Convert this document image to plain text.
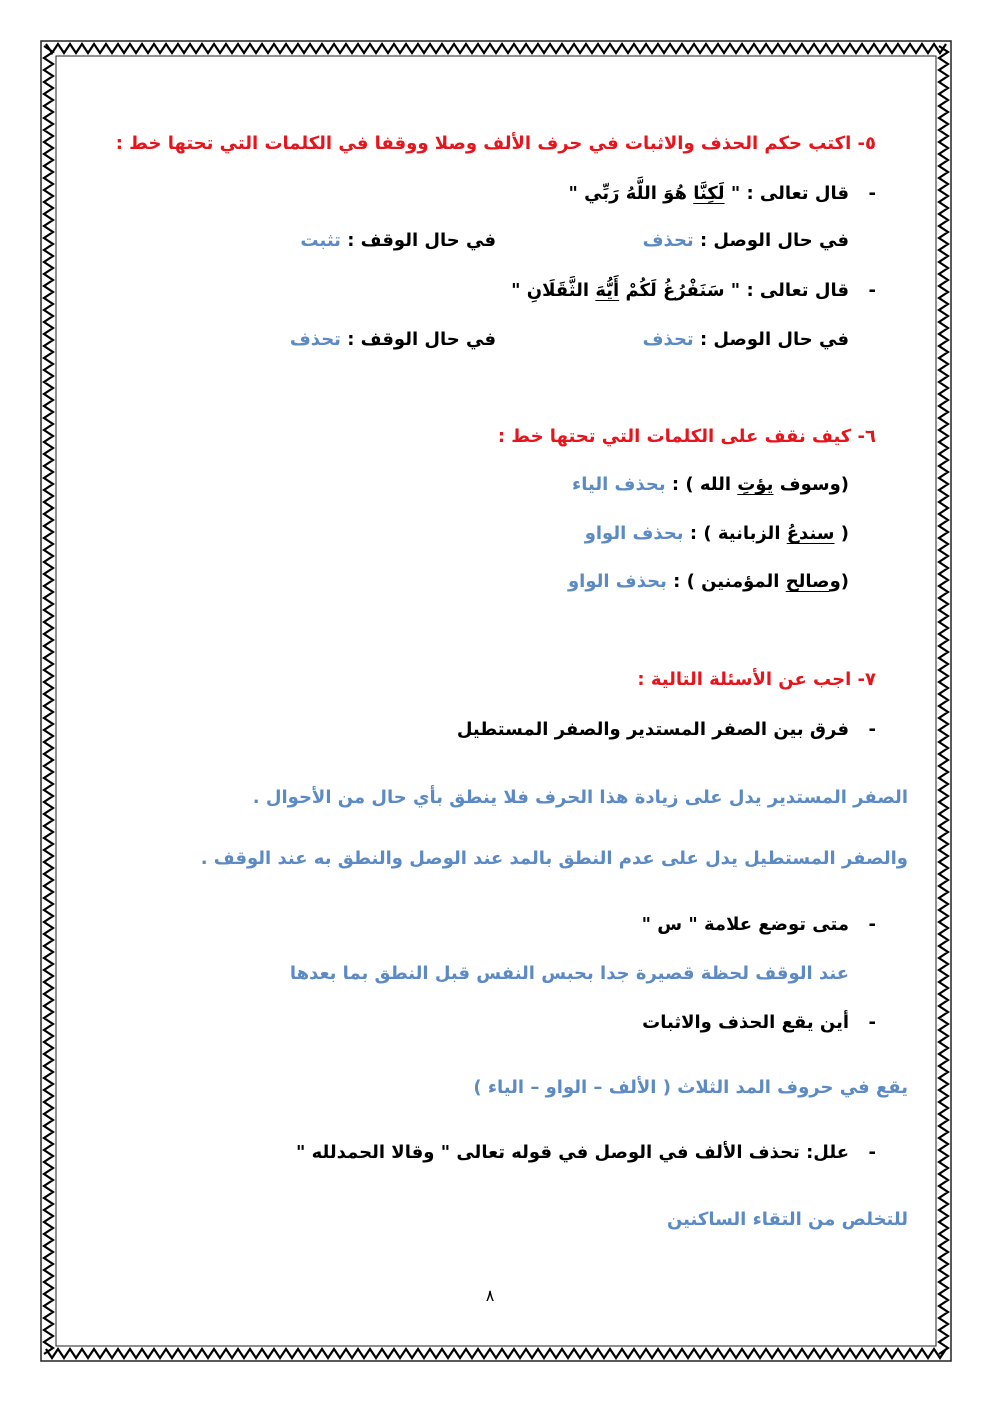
٥- اكتب حكم الحذف والاثبات في حرف الألف وصلا ووقفا في الكلمات التي تحتها خط :
-
قال تعالى : " لَكِنَّا هُوَ اللَّهُ رَبِّي "
في حال الوصل : تحذف
في حال الوقف : تثبت
-
قال تعالى : " سَنَفْرُغُ لَكُمْ أَيُّهَ الثَّقَلَانِ "
في حال الوصل : تحذف
في حال الوقف : تحذف
٦- كيف نقف على الكلمات التي تحتها خط :
(وسوف يؤتِ الله ) : بحذف الياء
( سندعُ الزبانية ) : بحذف الواو
(وصالح المؤمنين ) : بحذف الواو
٧- اجب عن الأسئلة التالية :
-
فرق بين الصفر المستدير والصفر المستطيل
الصفر المستدير يدل على زيادة هذا الحرف فلا ينطق بأي حال من الأحوال .
والصفر المستطيل يدل على عدم النطق بالمد عند الوصل والنطق به عند الوقف .
-
متى توضع علامة " س "
عند الوقف لحظة قصيرة جدا بحبس النفس قبل النطق بما بعدها
-
أين يقع الحذف والاثبات
يقع في حروف المد الثلاث ( الألف – الواو – الياء )
-
علل: تحذف الألف في الوصل في قوله تعالى " وقالا الحمدلله "
للتخلص من التقاء الساكنين
٨
